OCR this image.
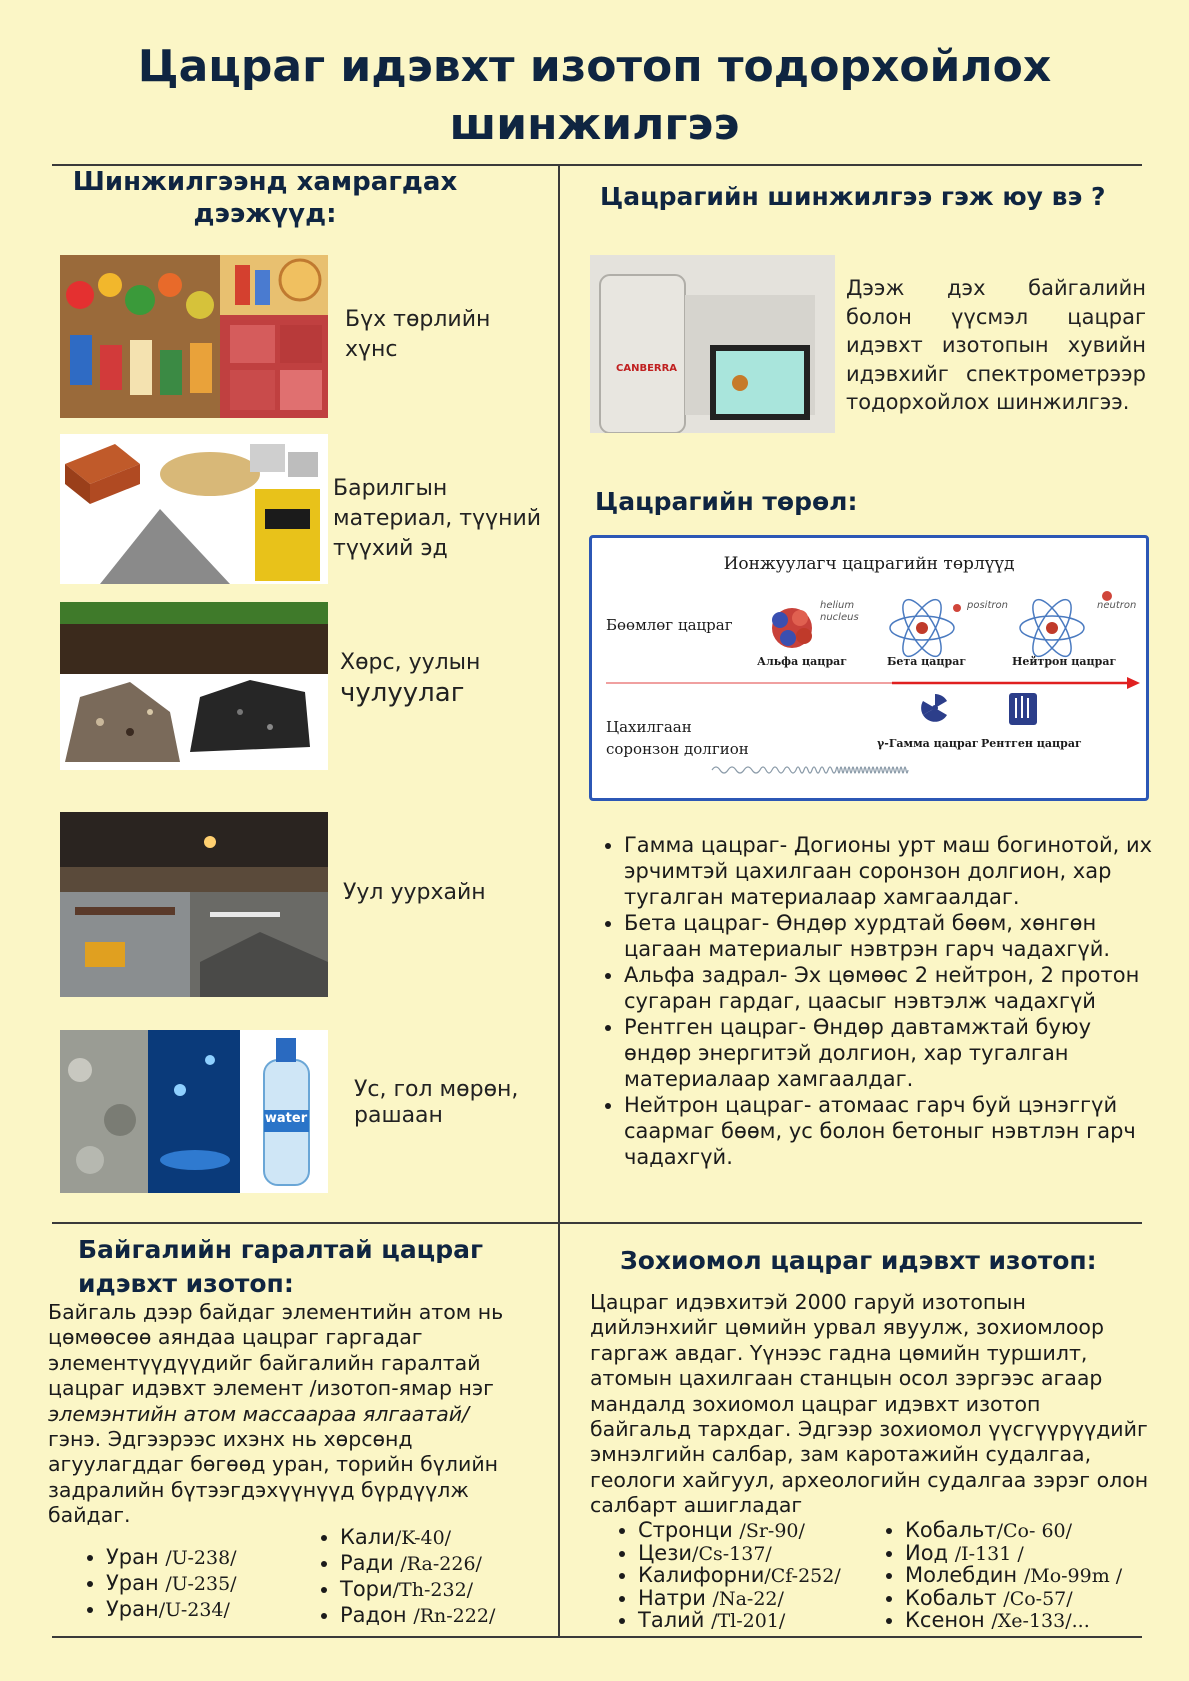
Цацраг идэвхт изотоп тодорхойлох
шинжилгээ
Шинжилгээнд хамрагдах
дээжүүд:
Бүх төрлийн
хүнс
Барилгын
материал, түүний
түүхий эд
Хөрс, уулын
чулуулаг
Уул уурхайн
water
Ус, гол мөрөн,
рашаан
Цацрагийн шинжилгээ гэж юу вэ ?
CANBERRA
Дээж дэх байгалийн болон үүсмэл цацраг идэвхт изотопын хувийн идэвхийг спектрометрээр тодорхойлох шинжилгээ.
Цацрагийн төрөл:
Ионжуулагч цацрагийн төрлүүд
Бөөмлөг цацраг
Цахилгаан
соронзон долгион
helium
nucleus
positron	neutron
Альфа цацраг	Бета цацраг	Нейтрон цацраг
γ-Гамма цацраг Рентген цацраг
• Гамма цацраг- Догионы урт маш богинотой, их
эрчимтэй цахилгаан соронзон долгион, хар
тугалган материалаар хамгаалдаг.
• Бета цацраг- Өндөр хурдтай бөөм, хөнгөн
цагаан материалыг нэвтрэн гарч чадахгүй.
• Альфа задрал- Эх цөмөөс 2 нейтрон, 2 протон
сугаран гардаг, цаасыг нэвтэлж чадахгүй
• Рентген цацраг- Өндөр давтамжтай буюу
өндөр энергитэй долгион, хар тугалган
материалаар хамгаалдаг.
• Нейтрон цацраг- атомаас гарч буй цэнэггүй
саармаг бөөм, ус болон бетоныг нэвтлэн гарч
чадахгүй.
Байгалийн гаралтай цацраг
идэвхт изотоп:
Байгаль дээр байдаг элементийн атом нь
цөмөөсөө аяндаа цацраг гаргадаг
элементүүдүүдийг байгалийн гаралтай
цацраг идэвхт элемент /изотоп-ямар нэг
элемэнтийн атом массаараа ялгаатай/
гэнэ. Эдгээрээс ихэнх нь хөрсөнд
агуулагддаг бөгөөд уран, торийн бүлийн
задралийн бүтээгдэхүүнүүд бүрдүүлж
байдаг.
• Уран /U-238/
• Уран /U-235/
• Уран/U-234/
• Кали/K-40/
• Ради /Ra-226/
• Тори/Th-232/
• Радон /Rn-222/
Зохиомол цацраг идэвхт изотоп:
Цацраг идэвхитэй 2000 гаруй изотопын
дийлэнхийг цөмийн урвал явуулж, зохиомлоор
гаргаж авдаг. Үүнээс гадна цөмийн туршилт,
атомын цахилгаан станцын осол зэргээс агаар
мандалд зохиомол цацраг идэвхт изотоп
байгальд тархдаг. Эдгээр зохиомол үүсгүүрүүдийг
эмнэлгийн салбар, зам каротажийн судалгаа,
геологи хайгуул, археологийн судалгаа зэрэг олон
салбарт ашигладаг
• Стронци /Sr-90/
• Цези/Cs-137/
• Калифорни/Cf-252/
• Натри /Na-22/
• Талий /Tl-201/
• Кобальт/Co- 60/
• Иод /I-131 /
• Молебдин /Mo-99m /
• Кобальт /Co-57/
• Ксенон /Xe-133/...
